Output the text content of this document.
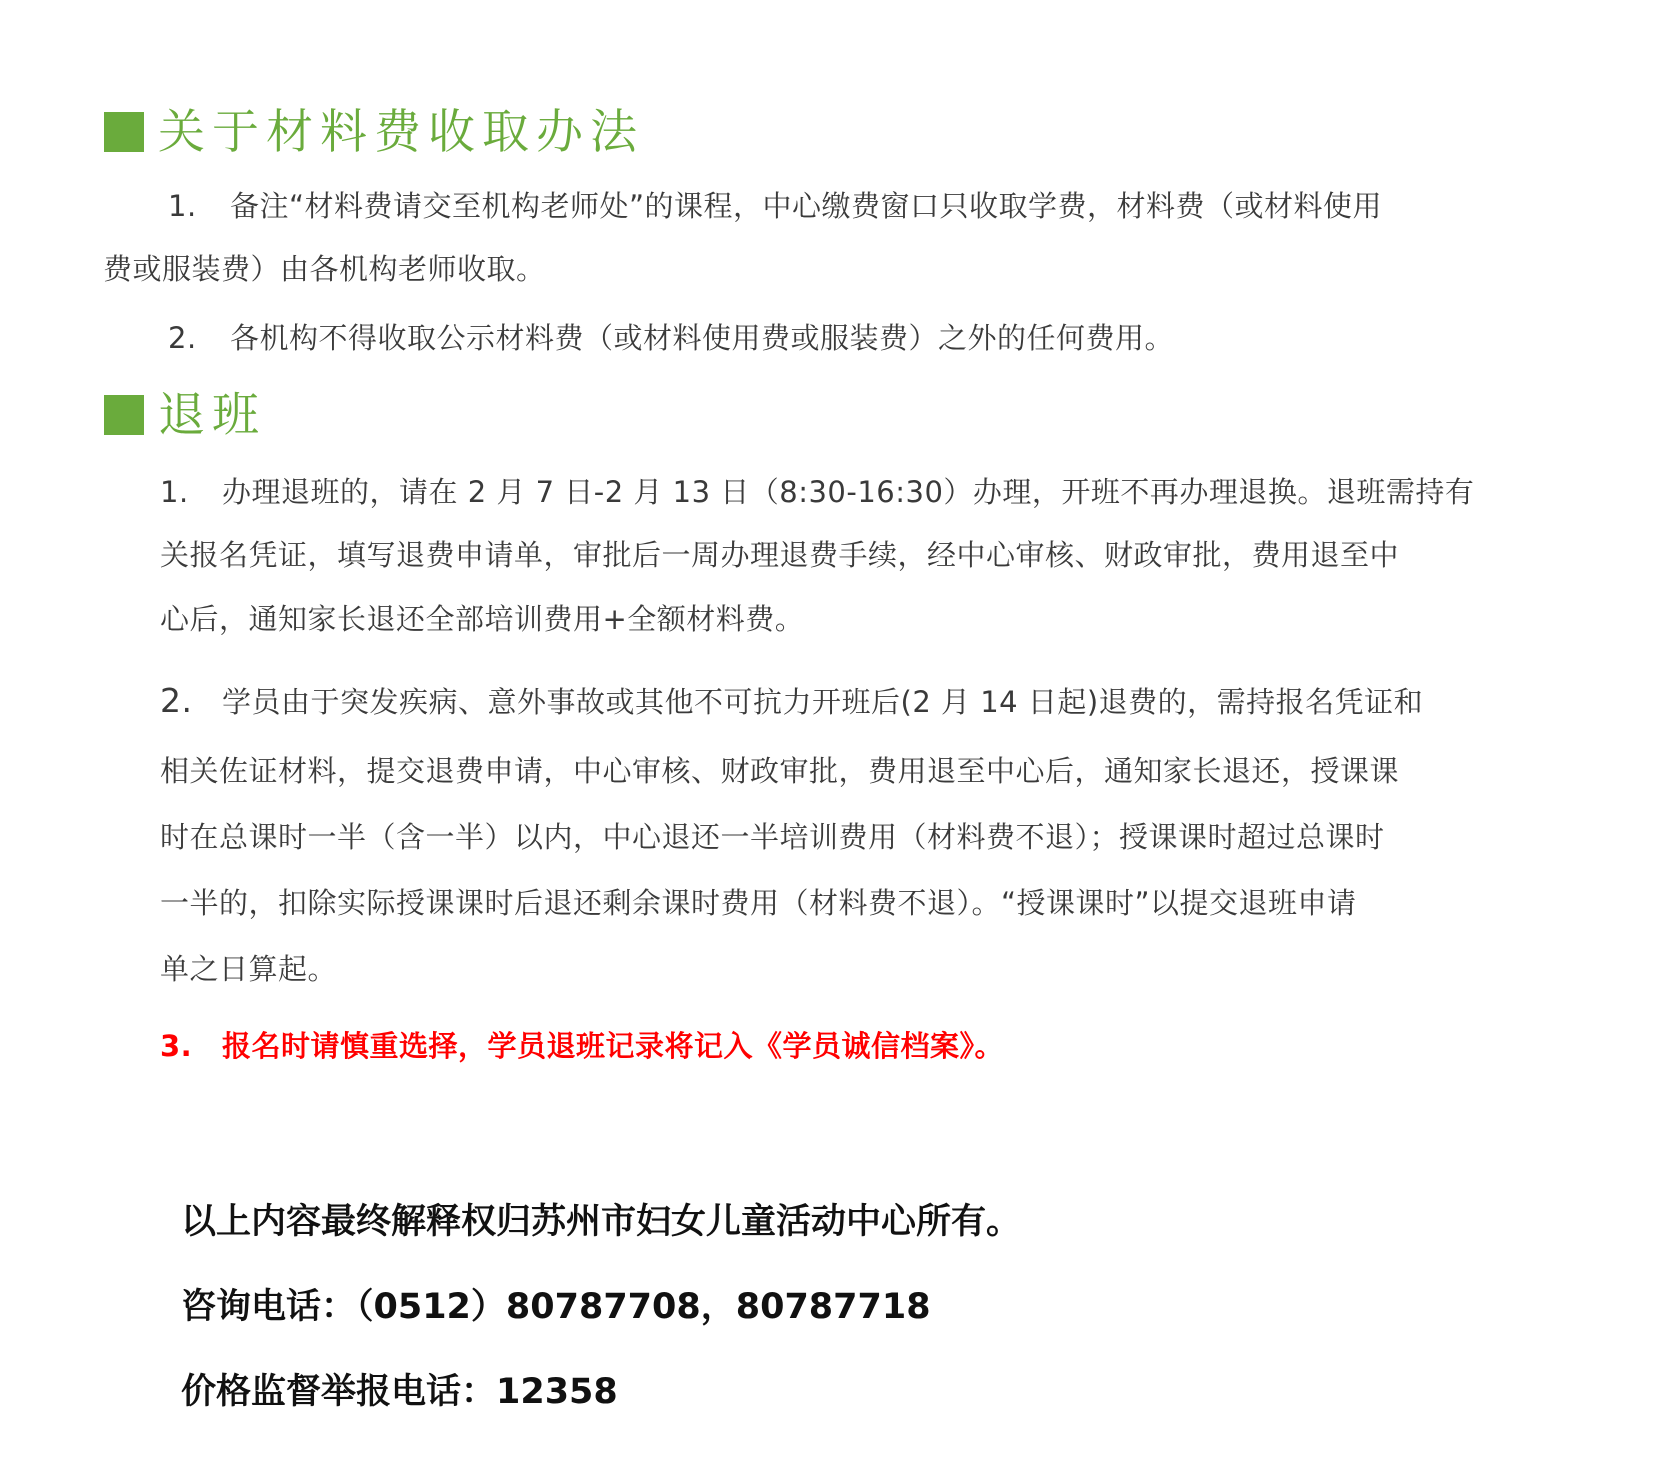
关于材料费收取办法
1. 备注“材料费请交至机构老师处”的课程，中心缴费窗口只收取学费，材料费（或材料使用
费或服装费）由各机构老师收取。
2. 各机构不得收取公示材料费（或材料使用费或服装费）之外的任何费用。
退班
1. 办理退班的，请在 2 月 7 日-2 月 13 日（8:30-16:30）办理，开班不再办理退换。退班需持有
关报名凭证，填写退费申请单，审批后一周办理退费手续，经中心审核、财政审批，费用退至中
心后，通知家长退还全部培训费用+全额材料费。
2. 学员由于突发疾病、意外事故或其他不可抗力开班后(2 月 14 日起)退费的，需持报名凭证和
相关佐证材料，提交退费申请，中心审核、财政审批，费用退至中心后，通知家长退还，授课课
时在总课时一半（含一半）以内，中心退还一半培训费用（材料费不退）；授课课时超过总课时
一半的，扣除实际授课课时后退还剩余课时费用（材料费不退）。“授课课时”以提交退班申请
单之日算起。
3. 报名时请慎重选择，学员退班记录将记入《学员诚信档案》。
以上内容最终解释权归苏州市妇女儿童活动中心所有。
咨询电话：（0512）80787708，80787718
价格监督举报电话：12358
